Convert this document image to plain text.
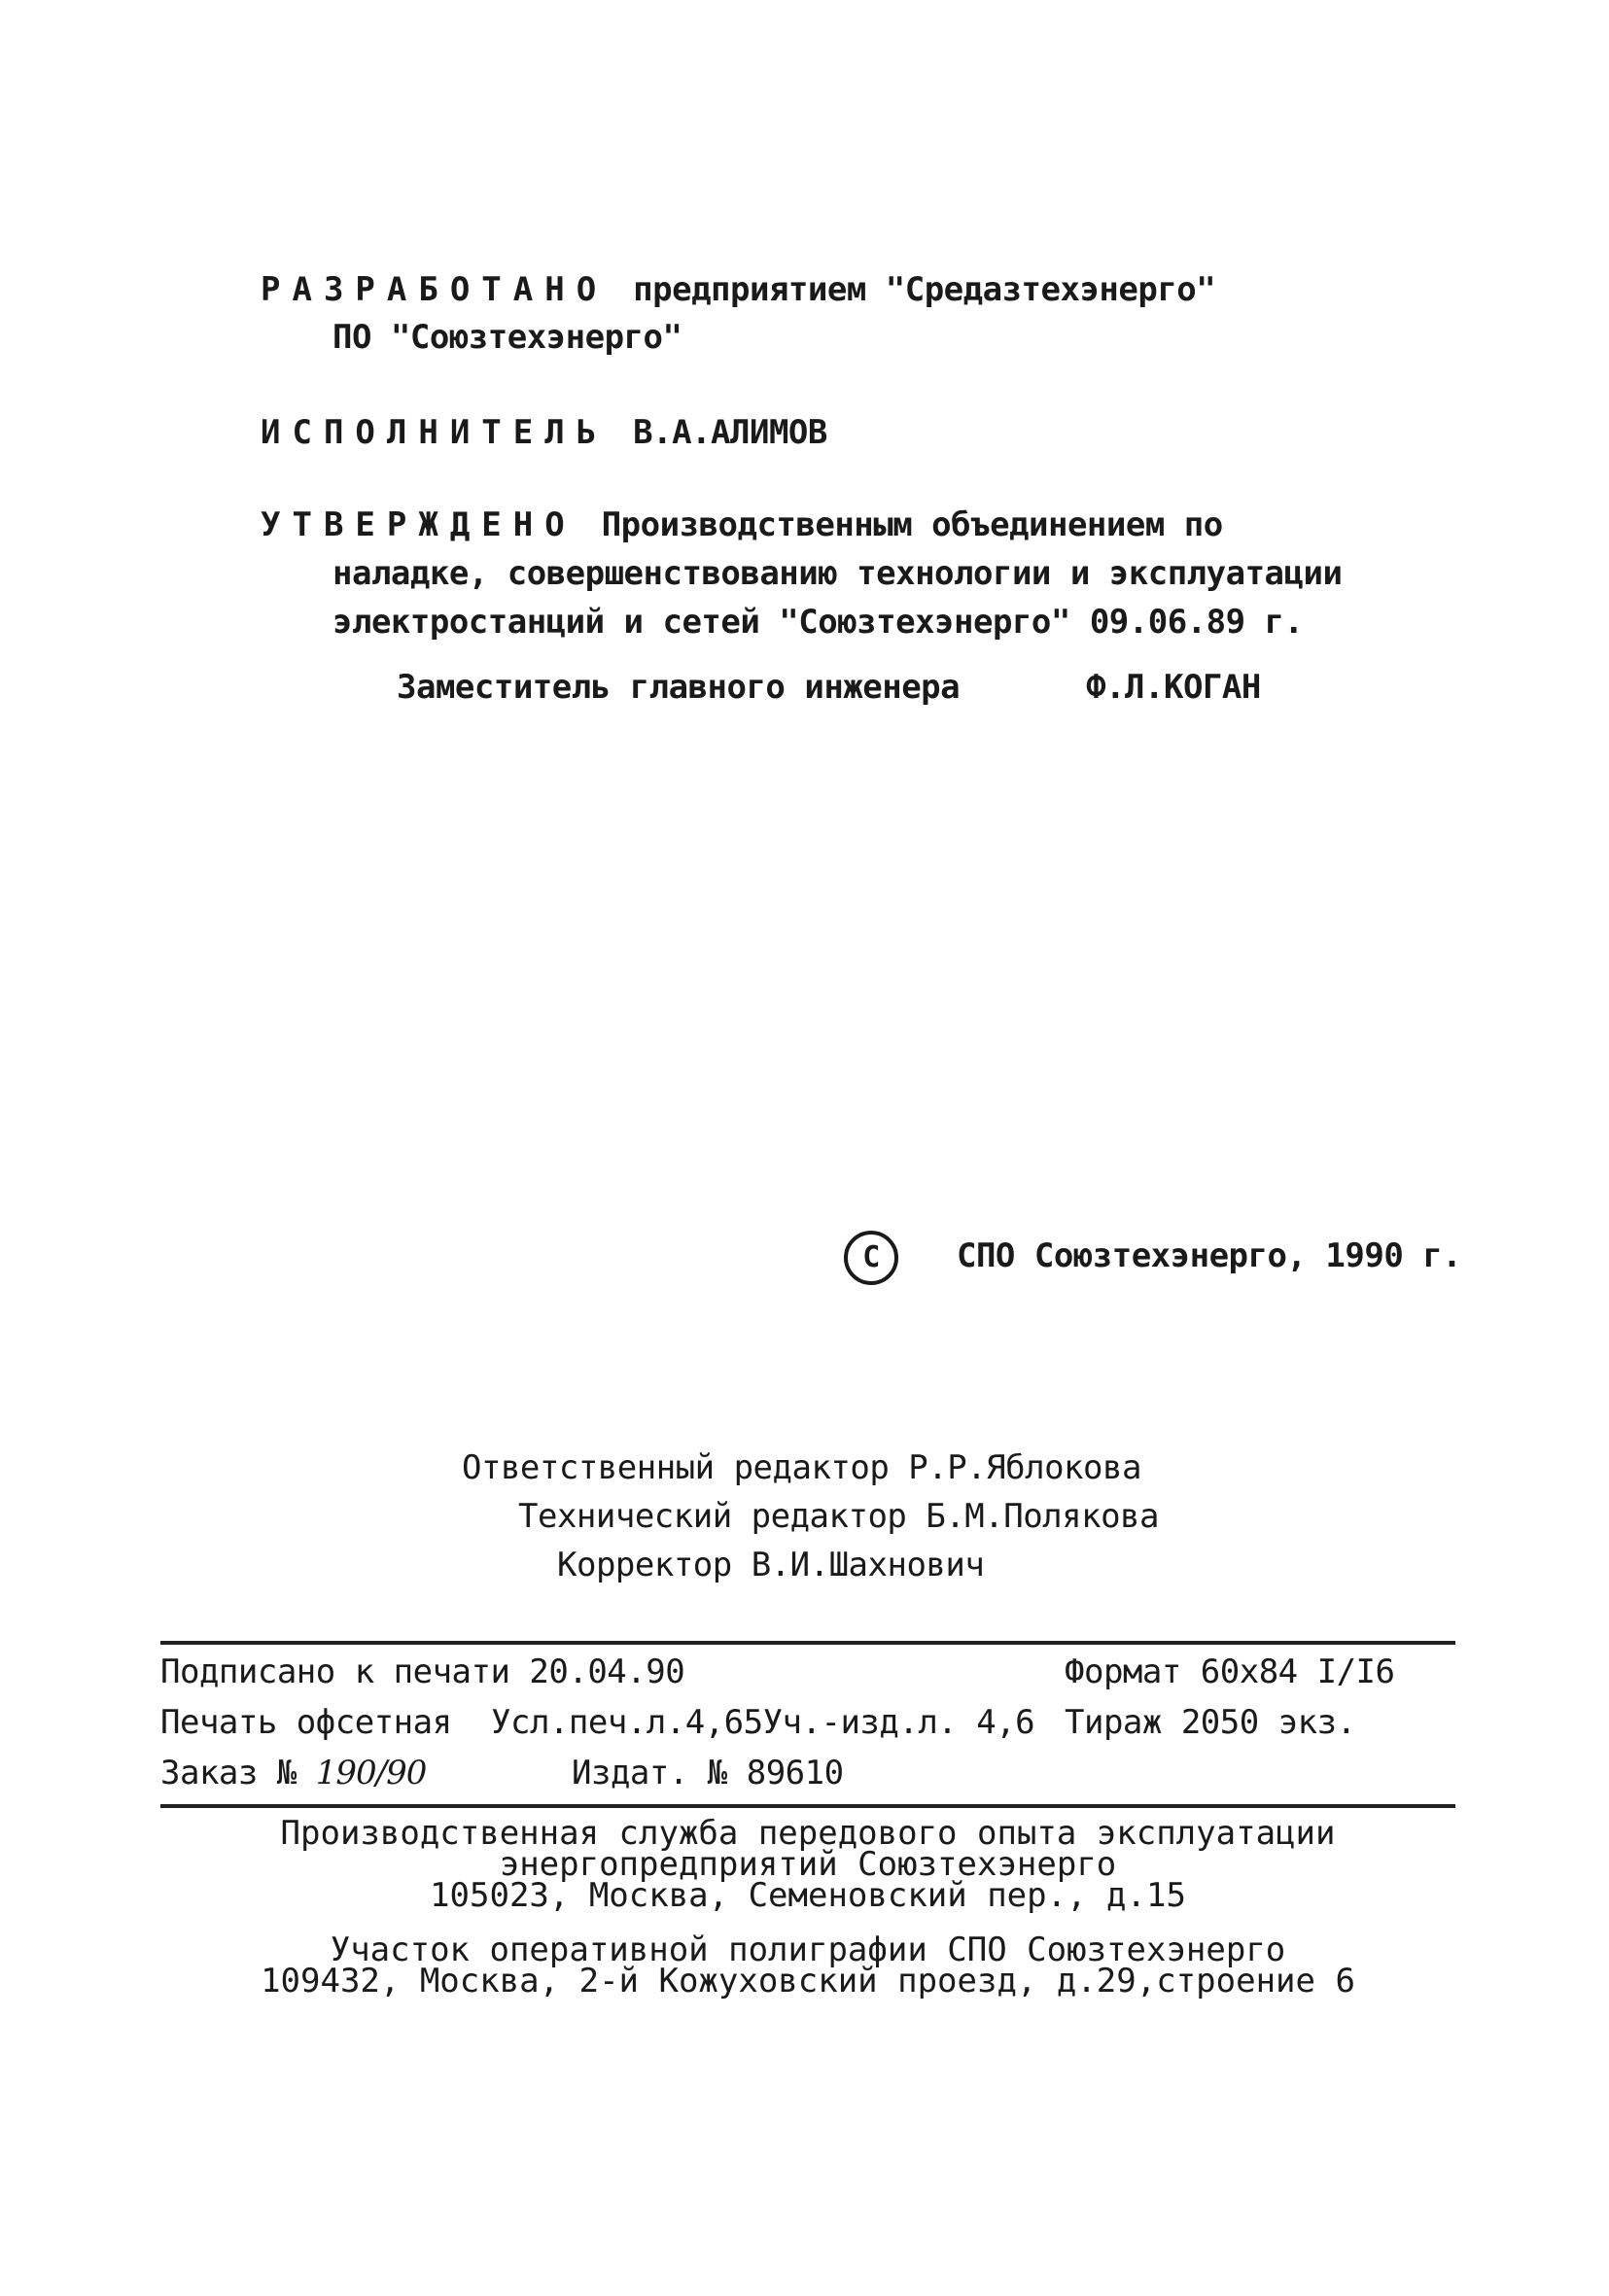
РАЗРАБОТАНО предприятием "Средазтехэнерго"
ПО "Союзтехэнерго"
ИСПОЛНИТЕЛЬ В.А.АЛИМОВ
УТВЕРЖДЕНО Производственным объединением по
наладке, совершенствованию технологии и эксплуатации
электростанций и сетей "Союзтехэнерго" 09.06.89 г.
Заместитель главного инженера	Ф.Л.КОГАН
С СПО Союзтехэнерго, 1990 г.
Ответственный редактор Р.Р.Яблокова
Технический редактор Б.М.Полякова
Корректор В.И.Шахнович
Подписано к печати 20.04.90	Формат 60х84 I/I6
Печать офсетная Усл.печ.л.4,65Уч.-изд.л. 4,6 Тираж 2050 экз.
Заказ № 190/90	Издат. № 89610
Производственная служба передового опыта эксплуатации
энергопредприятий Союзтехэнерго
105023, Москва, Семеновский пер., д.15
Участок оперативной полиграфии СПО Союзтехэнерго
109432, Москва, 2-й Кожуховский проезд, д.29,строение 6
